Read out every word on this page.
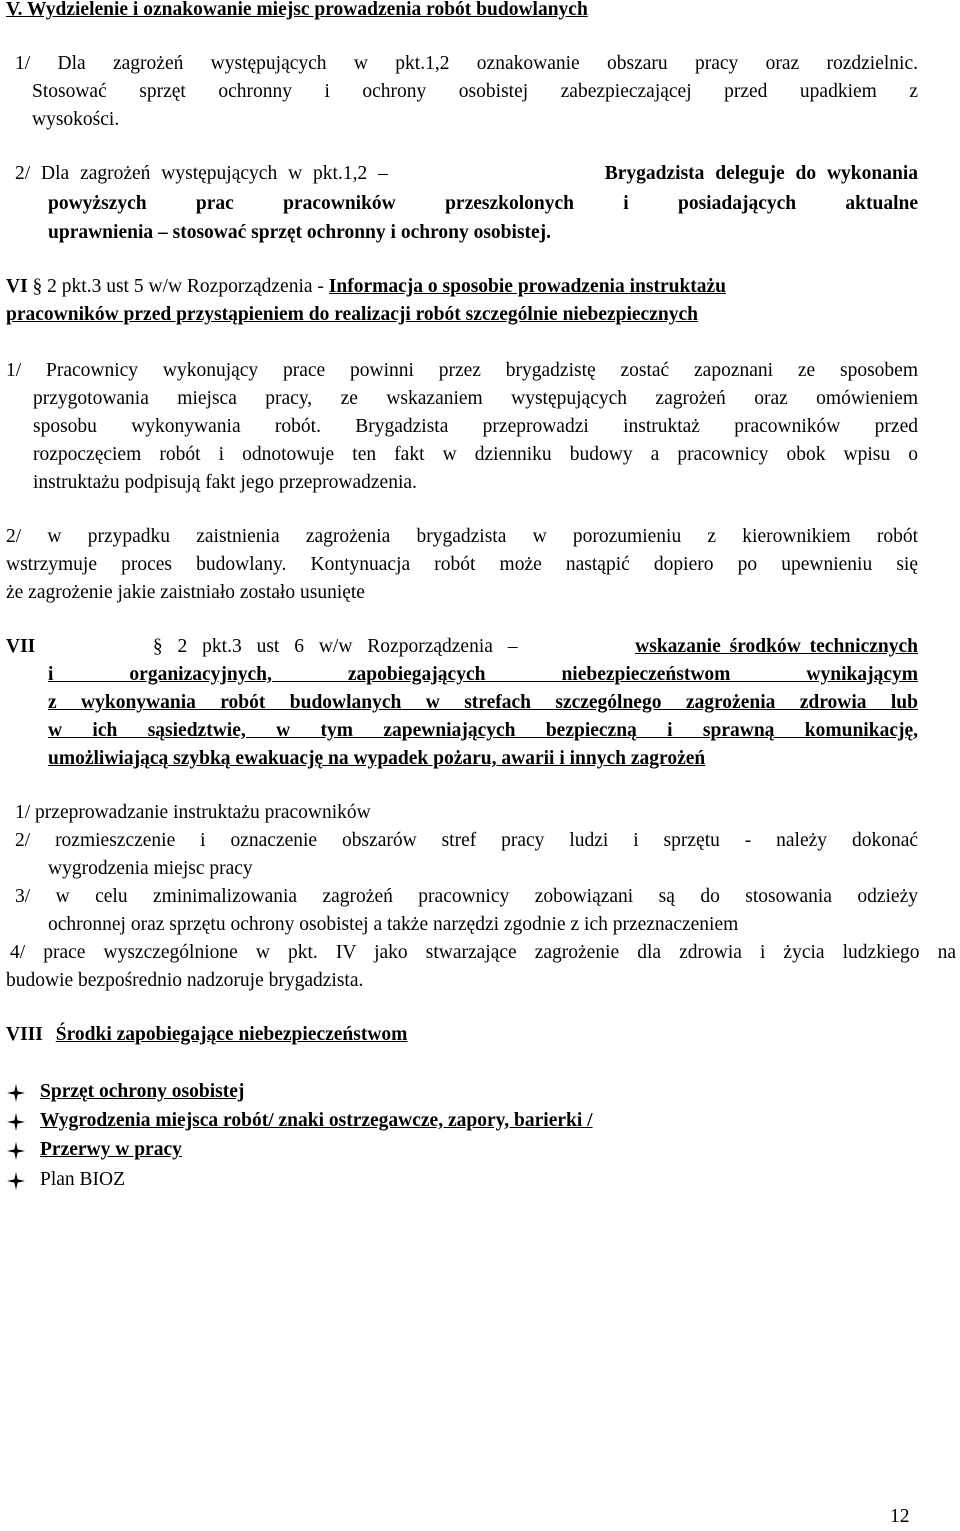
V. Wydzielenie i oznakowanie miejsc prowadzenia robót budowlanych
1/ Dla zagrożeń występujących w pkt.1,2 oznakowanie obszaru pracy oraz rozdzielnic.
Stosować sprzęt ochronny i ochrony osobistej zabezpieczającej przed upadkiem z
wysokości.
2/ Dla zagrożeń występujących w pkt.1,2 –	Brygadzista deleguje do wykonania
powyższych prac pracowników przeszkolonych i posiadających aktualne
uprawnienia – stosować sprzęt ochronny i ochrony osobistej.
VI § 2 pkt.3 ust 5 w/w Rozporządzenia - Informacja o sposobie prowadzenia instruktażu
pracowników przed przystąpieniem do realizacji robót szczególnie niebezpiecznych
1/ Pracownicy wykonujący prace powinni przez brygadzistę zostać zapoznani ze sposobem
przygotowania miejsca pracy, ze wskazaniem występujących zagrożeń oraz omówieniem
sposobu wykonywania robót. Brygadzista przeprowadzi instruktaż pracowników przed
rozpoczęciem robót i odnotowuje ten fakt w dzienniku budowy a pracownicy obok wpisu o
instruktażu podpisują fakt jego przeprowadzenia.
2/ w przypadku zaistnienia zagrożenia brygadzista w porozumieniu z kierownikiem robót
wstrzymuje proces budowlany. Kontynuacja robót może nastąpić dopiero po upewnieniu się
że zagrożenie jakie zaistniało zostało usunięte
VII	§ 2 pkt.3 ust 6 w/w Rozporządzenia –	wskazanie środków technicznych
i organizacyjnych, zapobiegających niebezpieczeństwom wynikającym
z wykonywania robót budowlanych w strefach szczególnego zagrożenia zdrowia lub
w ich sąsiedztwie, w tym zapewniających bezpieczną i sprawną komunikację,
umożliwiającą szybką ewakuację na wypadek pożaru, awarii i innych zagrożeń
1/ przeprowadzanie instruktażu pracowników
2/ rozmieszczenie i oznaczenie obszarów stref pracy ludzi i sprzętu - należy dokonać
wygrodzenia miejsc pracy
3/ w celu zminimalizowania zagrożeń pracownicy zobowiązani są do stosowania odzieży
ochronnej oraz sprzętu ochrony osobistej a także narzędzi zgodnie z ich przeznaczeniem
4/ prace wyszczególnione w pkt. IV jako stwarzające zagrożenie dla zdrowia i życia ludzkiego na
budowie bezpośrednio nadzoruje brygadzista.
VIII Środki zapobiegające niebezpieczeństwom
Sprzęt ochrony osobistej
Wygrodzenia miejsca robót/ znaki ostrzegawcze, zapory, barierki /
Przerwy w pracy
Plan BIOZ
12
